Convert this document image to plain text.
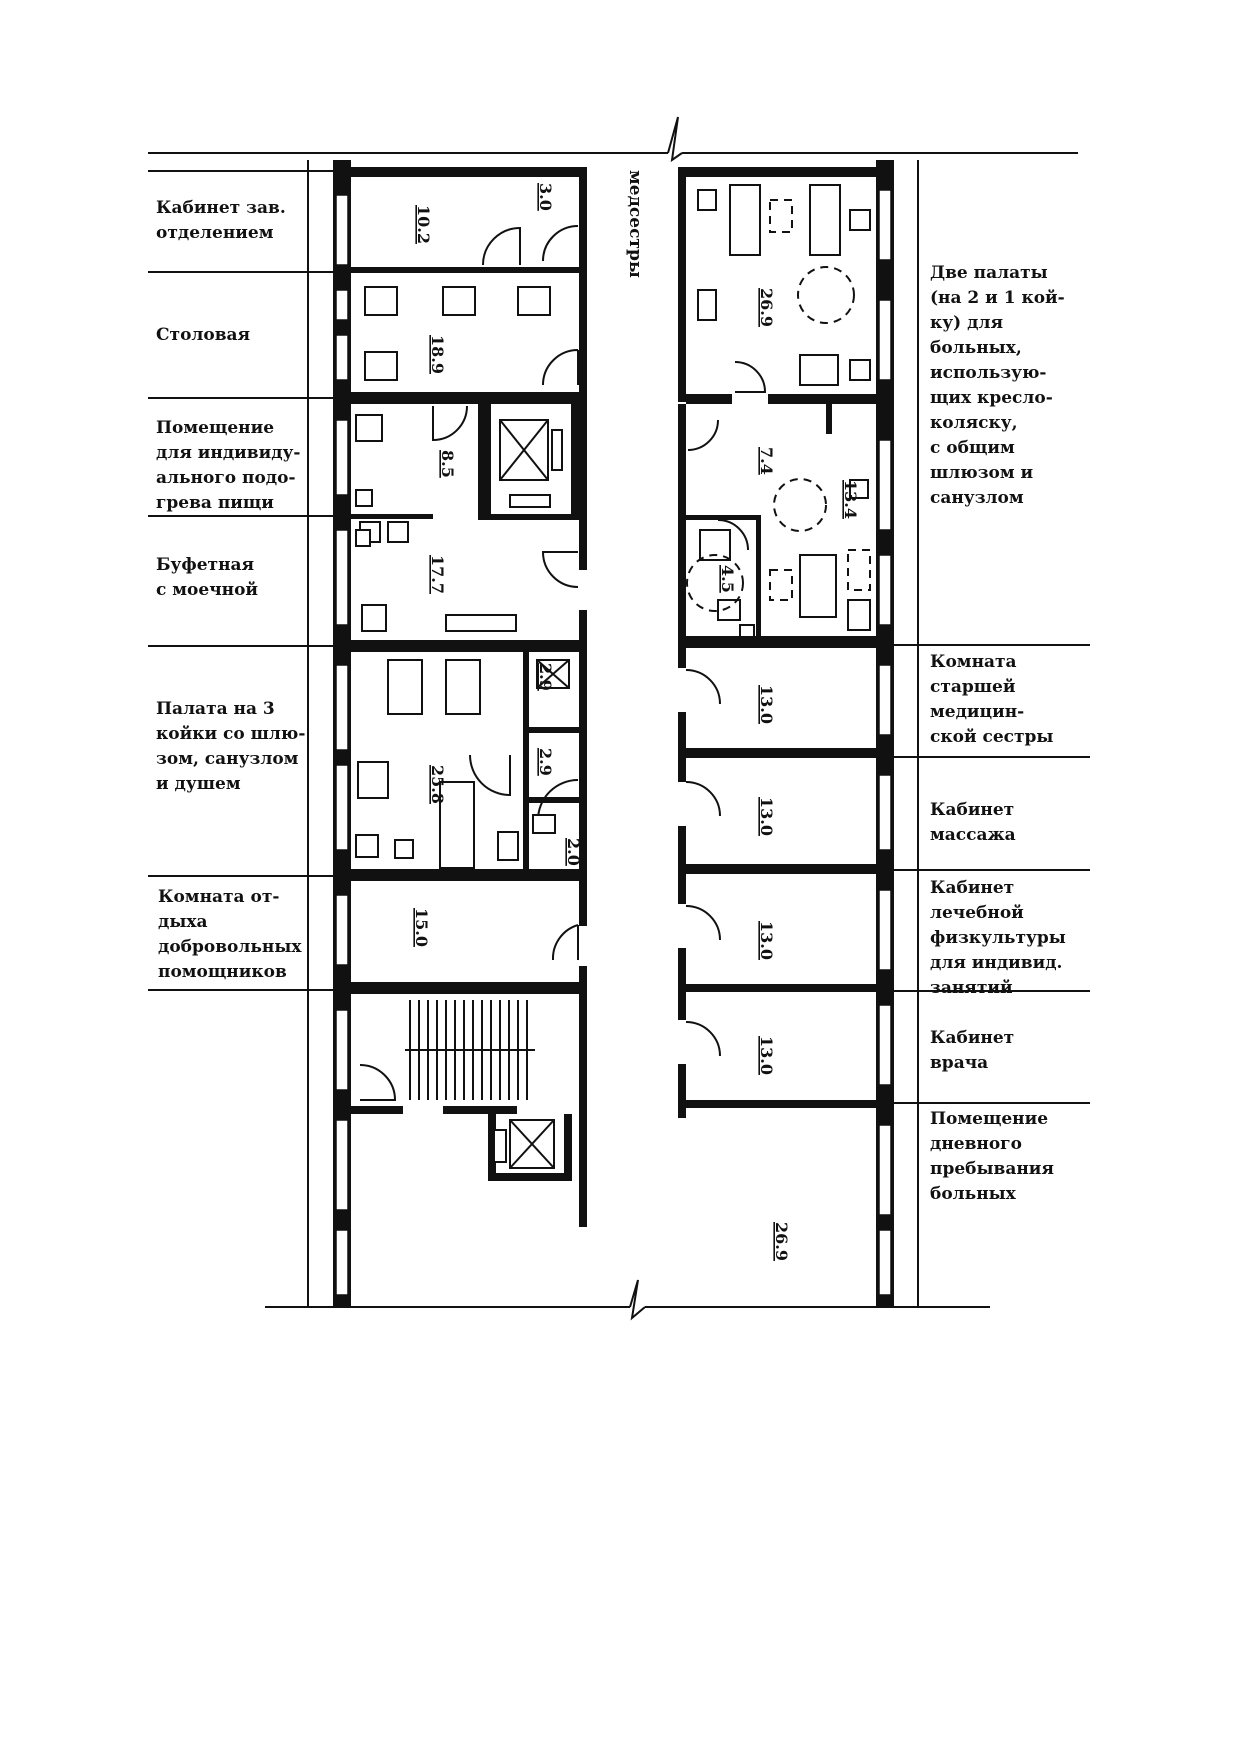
Кабинет зав. отделением
Столовая
Помещение для индивиду-ального подо-грева пищи
Буфетная с моечной
Палата на 3 койки со шлю-зом, санузлом и душем
Комната от-дыха добровольных помощников
Две палаты (на 2 и 1 кой-ку) для больных, использую-щих кресло-коляску, с общим шлюзом и санузлом
Комната старшей медицин-ской сестры
Кабинет массажа
Кабинет лечебной физкультуры для индивид. занятий
Кабинет врача
Помещение дневного пребывания больных
10.2
3.0
18.9
8.5
17.7
25.8
2.9
2.9
2.0
15.0
26.9
7.4
13.4
4.5
13.0
13.0
13.0
13.0
26.9
медсестры
